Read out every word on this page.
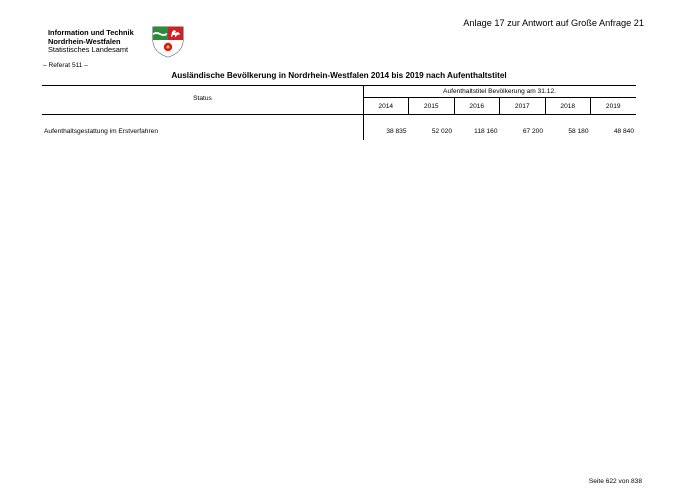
Anlage 17 zur Antwort auf Große Anfrage 21
Information und Technik
Nordrhein-Westfalen
Statistisches Landesamt
– Referat 511 –
Ausländische Bevölkerung in Nordrhein-Westfalen 2014 bis 2019 nach Aufenthaltstitel
Status
Aufenthaltstitel Bevölkerung am 31.12.
2014	2015	2016	2017	2018	2019
Aufenthaltsgestattung im Erstverfahren	38 835	52 020	118 160	67 200	58 180	48 840
Seite 622 von 838
